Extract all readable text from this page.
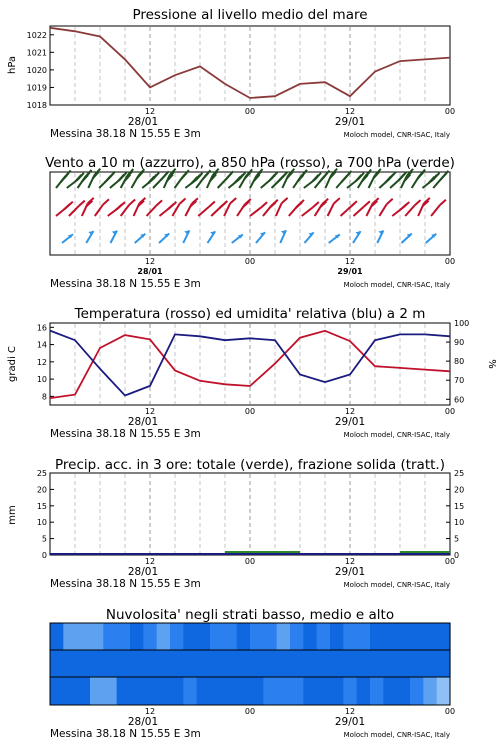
Pressione al livello medio del mare
1022
1021
1020
1019
1018
hPa
Vento a 10 m (azzurro), a 850 hPa (rosso), a 700 hPa (verde)
Temperatura (rosso) ed umidita' relativa (blu) a 2 m
16
14
12
10
8
100
90
80
70
60
gradi C	%
Precip. acc. in 3 ore: totale (verde), frazione solida (tratt.)
25
20
15
10
5
0
25
20
15
10
5
0
mm
Nuvolosita' negli strati basso, medio e alto
12	00	12	00
28/01	29/01
Messina 38.18 N 15.55 E 3m	Moloch model, CNR-ISAC, Italy
12	00	12	00
28/01	29/01
Messina 38.18 N 15.55 E 3m	Moloch model, CNR-ISAC, Italy
12	00	12	00
28/01	29/01
Messina 38.18 N 15.55 E 3m	Moloch model, CNR-ISAC, Italy
12	00	12	00
28/01	29/01
Messina 38.18 N 15.55 E 3m	Moloch model, CNR-ISAC, Italy
12	00	12	00
28/01	29/01
Messina 38.18 N 15.55 E 3m	Moloch model, CNR-ISAC, Italy
